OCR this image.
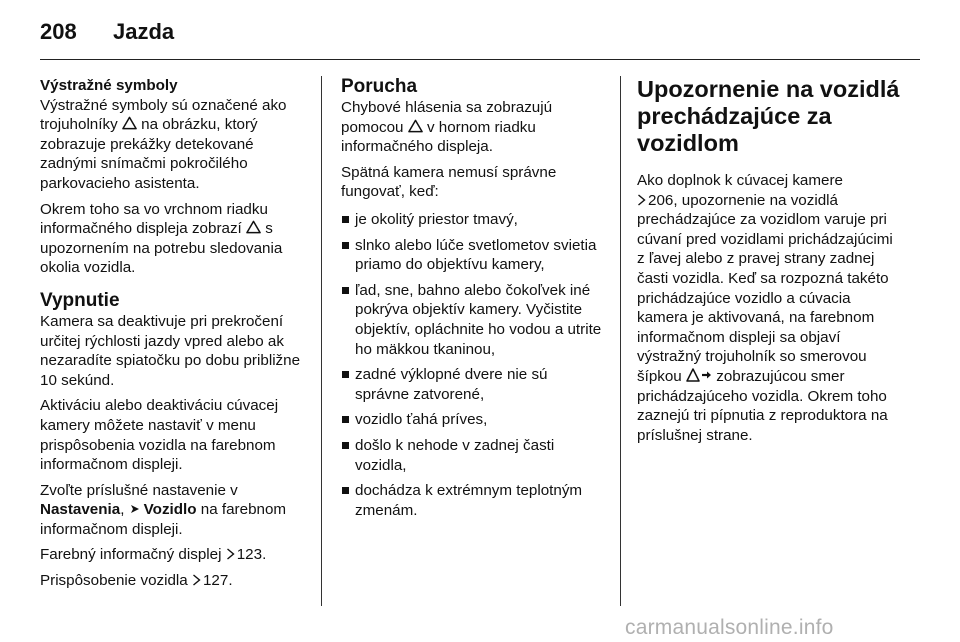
208 Jazda
Výstražné symboly

Výstražné symboly sú označené ako trojuholníky na obrázku, ktorý zobrazuje prekážky detekované zadnými snímačmi pokročilého parkovacieho asistenta.

Okrem toho sa vo vrchnom riadku informačného displeja zobrazí s upozornením na potrebu sledovania okolia vozidla.

Vypnutie

Kamera sa deaktivuje pri prekročení určitej rýchlosti jazdy vpred alebo ak nezaradíte spiatočku po dobu približne 10 sekúnd.

Aktiváciu alebo deaktiváciu cúvacej kamery môžete nastaviť v menu prispôsobenia vozidla na farebnom informačnom displeji.

Zvoľte príslušné nastavenie v Nastavenia, Vozidlo na farebnom informačnom displeji.

Farebný informačný displej 123.

Prispôsobenie vozidla 127.

Porucha

Chybové hlásenia sa zobrazujú pomocou v hornom riadku informačného displeja.

Spätná kamera nemusí správne fungovať, keď:

je okolitý priestor tmavý,
slnko alebo lúče svetlometov svietia priamo do objektívu kamery,
ľad, sne, bahno alebo čokoľvek iné pokrýva objektív kamery. Vyčistite objektív, opláchnite ho vodou a utrite ho mäkkou tkaninou,
zadné výklopné dvere nie sú správne zatvorené,
vozidlo ťahá príves,
došlo k nehode v zadnej časti vozidla,
dochádza k extrémnym teplotným zmenám.
Upozornenie na vozidlá prechádzajúce za vozidlom

Ako doplnok k cúvacej kamere
206, upozornenie na vozidlá prechádzajúce za vozidlom varuje pri cúvaní pred vozidlami prichádzajúcimi z ľavej alebo z pravej strany zadnej časti vozidla. Keď sa rozpozná takéto prichádzajúce vozidlo a cúvacia kamera je aktivovaná, na farebnom informačnom displeji sa objaví výstražný trojuholník so smerovou šípkou zobrazujúcou smer prichádzajúceho vozidla. Okrem toho zaznejú tri pípnutia z reproduktora na príslušnej strane.

carmanualsonline.info
